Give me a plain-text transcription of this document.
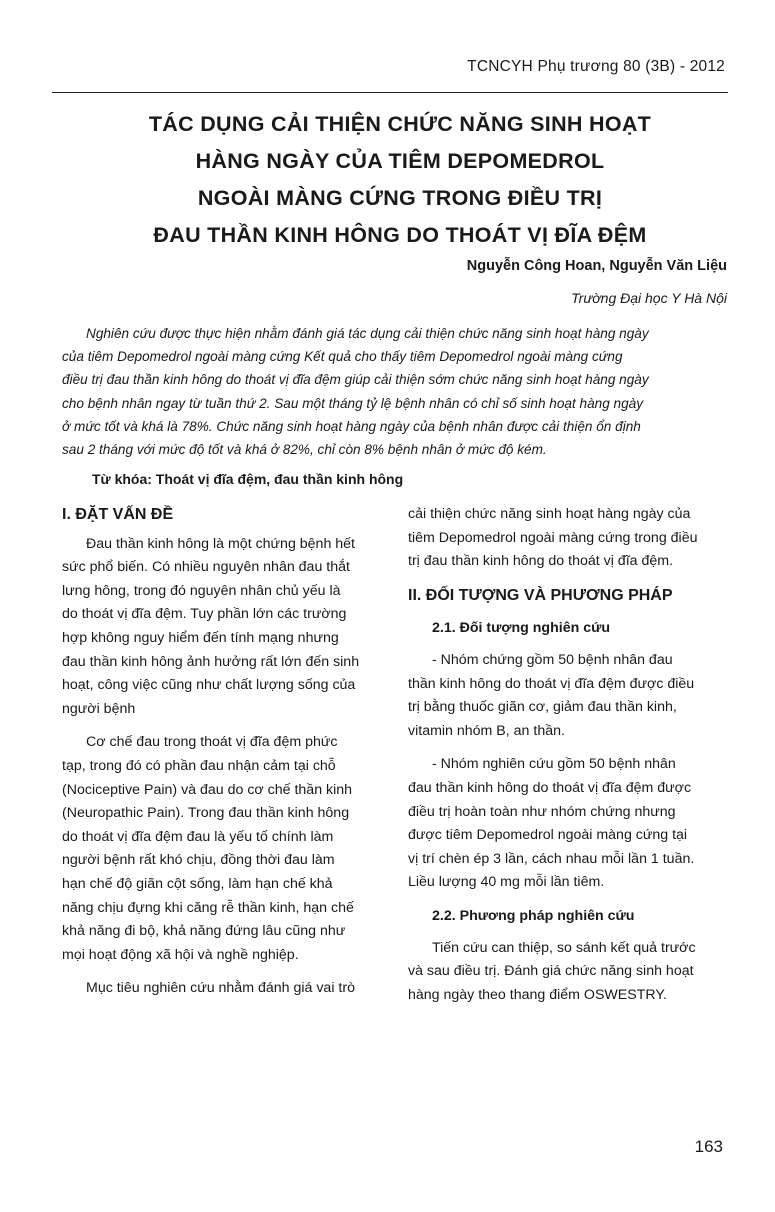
TCNCYH Phụ trương 80 (3B) - 2012
TÁC DỤNG CẢI THIỆN CHỨC NĂNG SINH HOẠT
HÀNG NGÀY CỦA TIÊM DEPOMEDROL
NGOÀI MÀNG CỨNG TRONG ĐIỀU TRỊ
ĐAU THẦN KINH HÔNG DO THOÁT VỊ ĐĨA ĐỆM
Nguyễn Công Hoan, Nguyễn Văn Liệu
Trường Đại học Y Hà Nội
Nghiên cứu được thực hiện nhằm đánh giá tác dụng cải thiện chức năng sinh hoạt hàng ngày
của tiêm Depomedrol ngoài màng cứng Kết quả cho thấy tiêm Depomedrol ngoài màng cứng
điều trị đau thần kinh hông do thoát vị đĩa đệm giúp cải thiện sớm chức năng sinh hoạt hàng ngày
cho bệnh nhân ngay từ tuần thứ 2. Sau một tháng tỷ lệ bệnh nhân có chỉ số sinh hoạt hàng ngày
ở mức tốt và khá là 78%. Chức năng sinh hoạt hàng ngày của bệnh nhân được cải thiện ổn định
sau 2 tháng với mức độ tốt và khá ở 82%, chỉ còn 8% bệnh nhân ở mức độ kém.
Từ khóa: Thoát vị đĩa đệm, đau thần kinh hông
I. ĐẶT VẤN ĐỀ
Đau thần kinh hông là một chứng bệnh hết
sức phổ biến. Có nhiều nguyên nhân đau thắt
lưng hông, trong đó nguyên nhân chủ yếu là
do thoát vị đĩa đệm. Tuy phần lớn các trường
hợp không nguy hiểm đến tính mạng nhưng
đau thần kinh hông ảnh hưởng rất lớn đến sinh
hoạt, công việc cũng như chất lượng sống của
người bệnh
Cơ chế đau trong thoát vị đĩa đệm phức
tạp, trong đó có phần đau nhận cảm tại chỗ
(Nociceptive Pain) và đau do cơ chế thần kinh
(Neuropathic Pain). Trong đau thần kinh hông
do thoát vị đĩa đệm đau là yếu tố chính làm
người bệnh rất khó chịu, đồng thời đau làm
hạn chế độ giãn cột sống, làm hạn chế khả
năng chịu đựng khi căng rễ thần kinh, hạn chế
khả năng đi bộ, khả năng đứng lâu cũng như
mọi hoạt động xã hội và nghề nghiệp.
Mục tiêu nghiên cứu nhằm đánh giá vai trò
cải thiện chức năng sinh hoạt hàng ngày của
tiêm Depomedrol ngoài màng cứng trong điều
trị đau thần kinh hông do thoát vị đĩa đệm.
II. ĐỐI TƯỢNG VÀ PHƯƠNG PHÁP
2.1. Đối tượng nghiên cứu
- Nhóm chứng gồm 50 bệnh nhân đau
thần kinh hông do thoát vị đĩa đệm được điều
trị bằng thuốc giãn cơ, giảm đau thần kinh,
vitamin nhóm B, an thần.
- Nhóm nghiên cứu gồm 50 bệnh nhân
đau thần kinh hông do thoát vị đĩa đệm được
điều trị hoàn toàn như nhóm chứng nhưng
được tiêm Depomedrol ngoài màng cứng tại
vị trí chèn ép 3 lần, cách nhau mỗi lần 1 tuần.
Liều lượng 40 mg mỗi lần tiêm.
2.2. Phương pháp nghiên cứu
Tiến cứu can thiệp, so sánh kết quả trước
và sau điều trị. Đánh giá chức năng sinh hoạt
hàng ngày theo thang điểm OSWESTRY.
163
